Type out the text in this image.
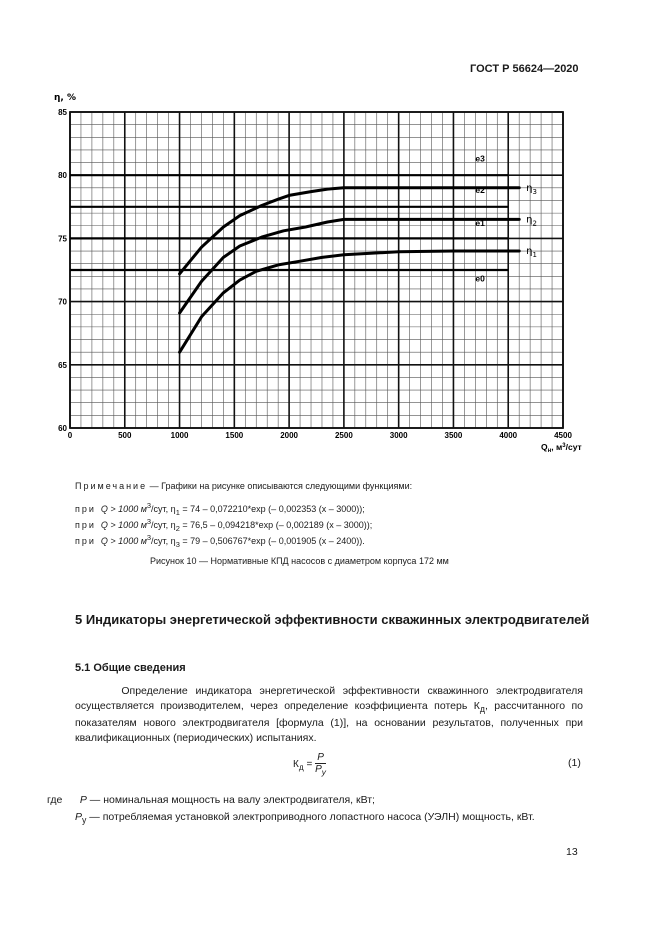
ГОСТ Р 56624—2020
е3
е2
е1
е0
$\eta_3$
$\eta_2$
$\eta_1$
0	500	1000	1500	2000	2500	3000	3500	4000	4500
60
65
70
75
80
85
η, %
$Q_н$, $м^3$/сут
Примечание — Графики на рисунке описываются следующими функциями:
при Q > 1000 $м^3$/сут, $\eta_1 = 74 - 0,072210*\exp$ (– 0,002353 (x – 3000));
при Q > 1000 $м^3$/сут, $\eta_2 = 76,5 - 0,094218*\exp$ (– 0,002189 (x – 3000));
при Q > 1000 $м^3$/сут, $\eta_3 = 79 - 0,506767*\exp$ (– 0,001905 (x – 2400)).
Рисунок 10 — Нормативные КПД насосов с диаметром корпуса 172 мм
5 Индикаторы энергетической эффективности скважинных электродвигателей
5.1 Общие сведения
Определение индикатора энергетической эффективности скважинного электродвигателя осуществляется производителем, через определение коэффициента потерь $К_д$, рассчитанного по показателям нового электродвигателя [формула (1)], на основании результатов, полученных при квалификационных (периодических) испытаниях.
$К_д = \frac{P}{P_у}$	(1)
где P — номинальная мощность на валу электродвигателя, кВт;
$P_у$ — потребляемая установкой электроприводного лопастного насоса (УЭЛН) мощность, кВт.
13
